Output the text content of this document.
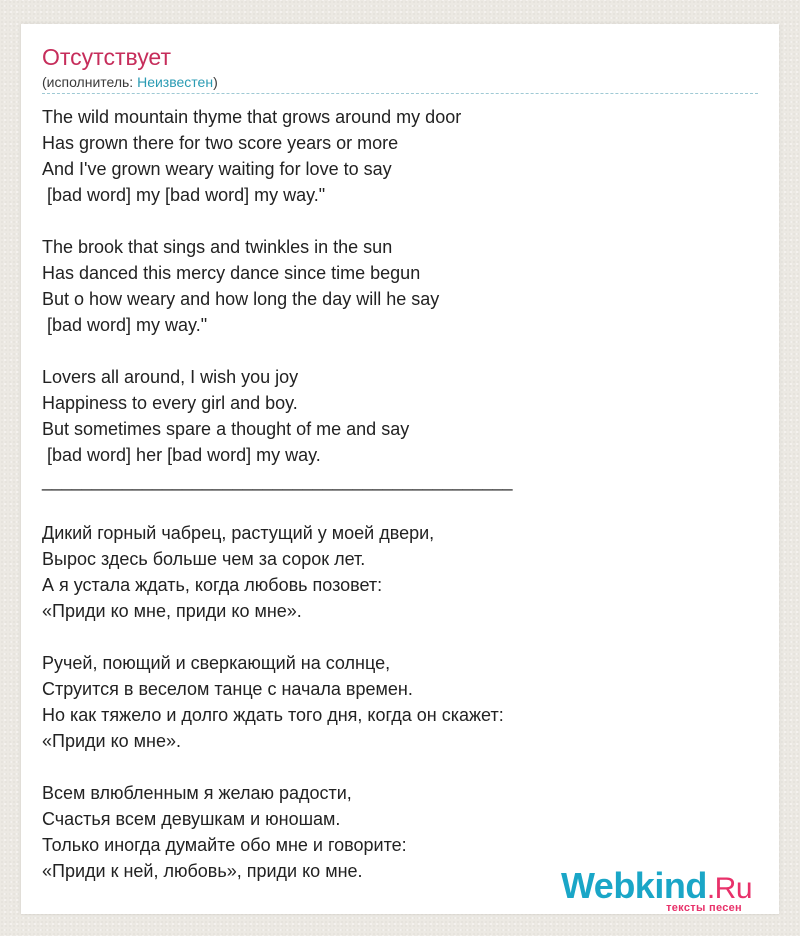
Отсутствует
(исполнитель: Неизвестен)
The wild mountain thyme that grows around my door
Has grown there for two score years or more
And I've grown weary waiting for love to say
[bad word] my [bad word] my way."
The brook that sings and twinkles in the sun
Has danced this mercy dance since time begun
But o how weary and how long the day will he say
[bad word] my way."
Lovers all around, I wish you joy
Happiness to every girl and boy.
But sometimes spare a thought of me and say
[bad word] her [bad word] my way.
_______________________________________________
Дикий горный чабрец, растущий у моей двери,
Вырос здесь больше чем за сорок лет.
А я устала ждать, когда любовь позовет:
«Приди ко мне, приди ко мне».
Ручей, поющий и сверкающий на солнце,
Струится в веселом танце с начала времен.
Но как тяжело и долго ждать того дня, когда он скажет:
«Приди ко мне».
Всем влюбленным я желаю радости,
Счастья всем девушкам и юношам.
Только иногда думайте обо мне и говорите:
«Приди к ней, любовь», приди ко мне.	Webkind.Ru
тексты песен
